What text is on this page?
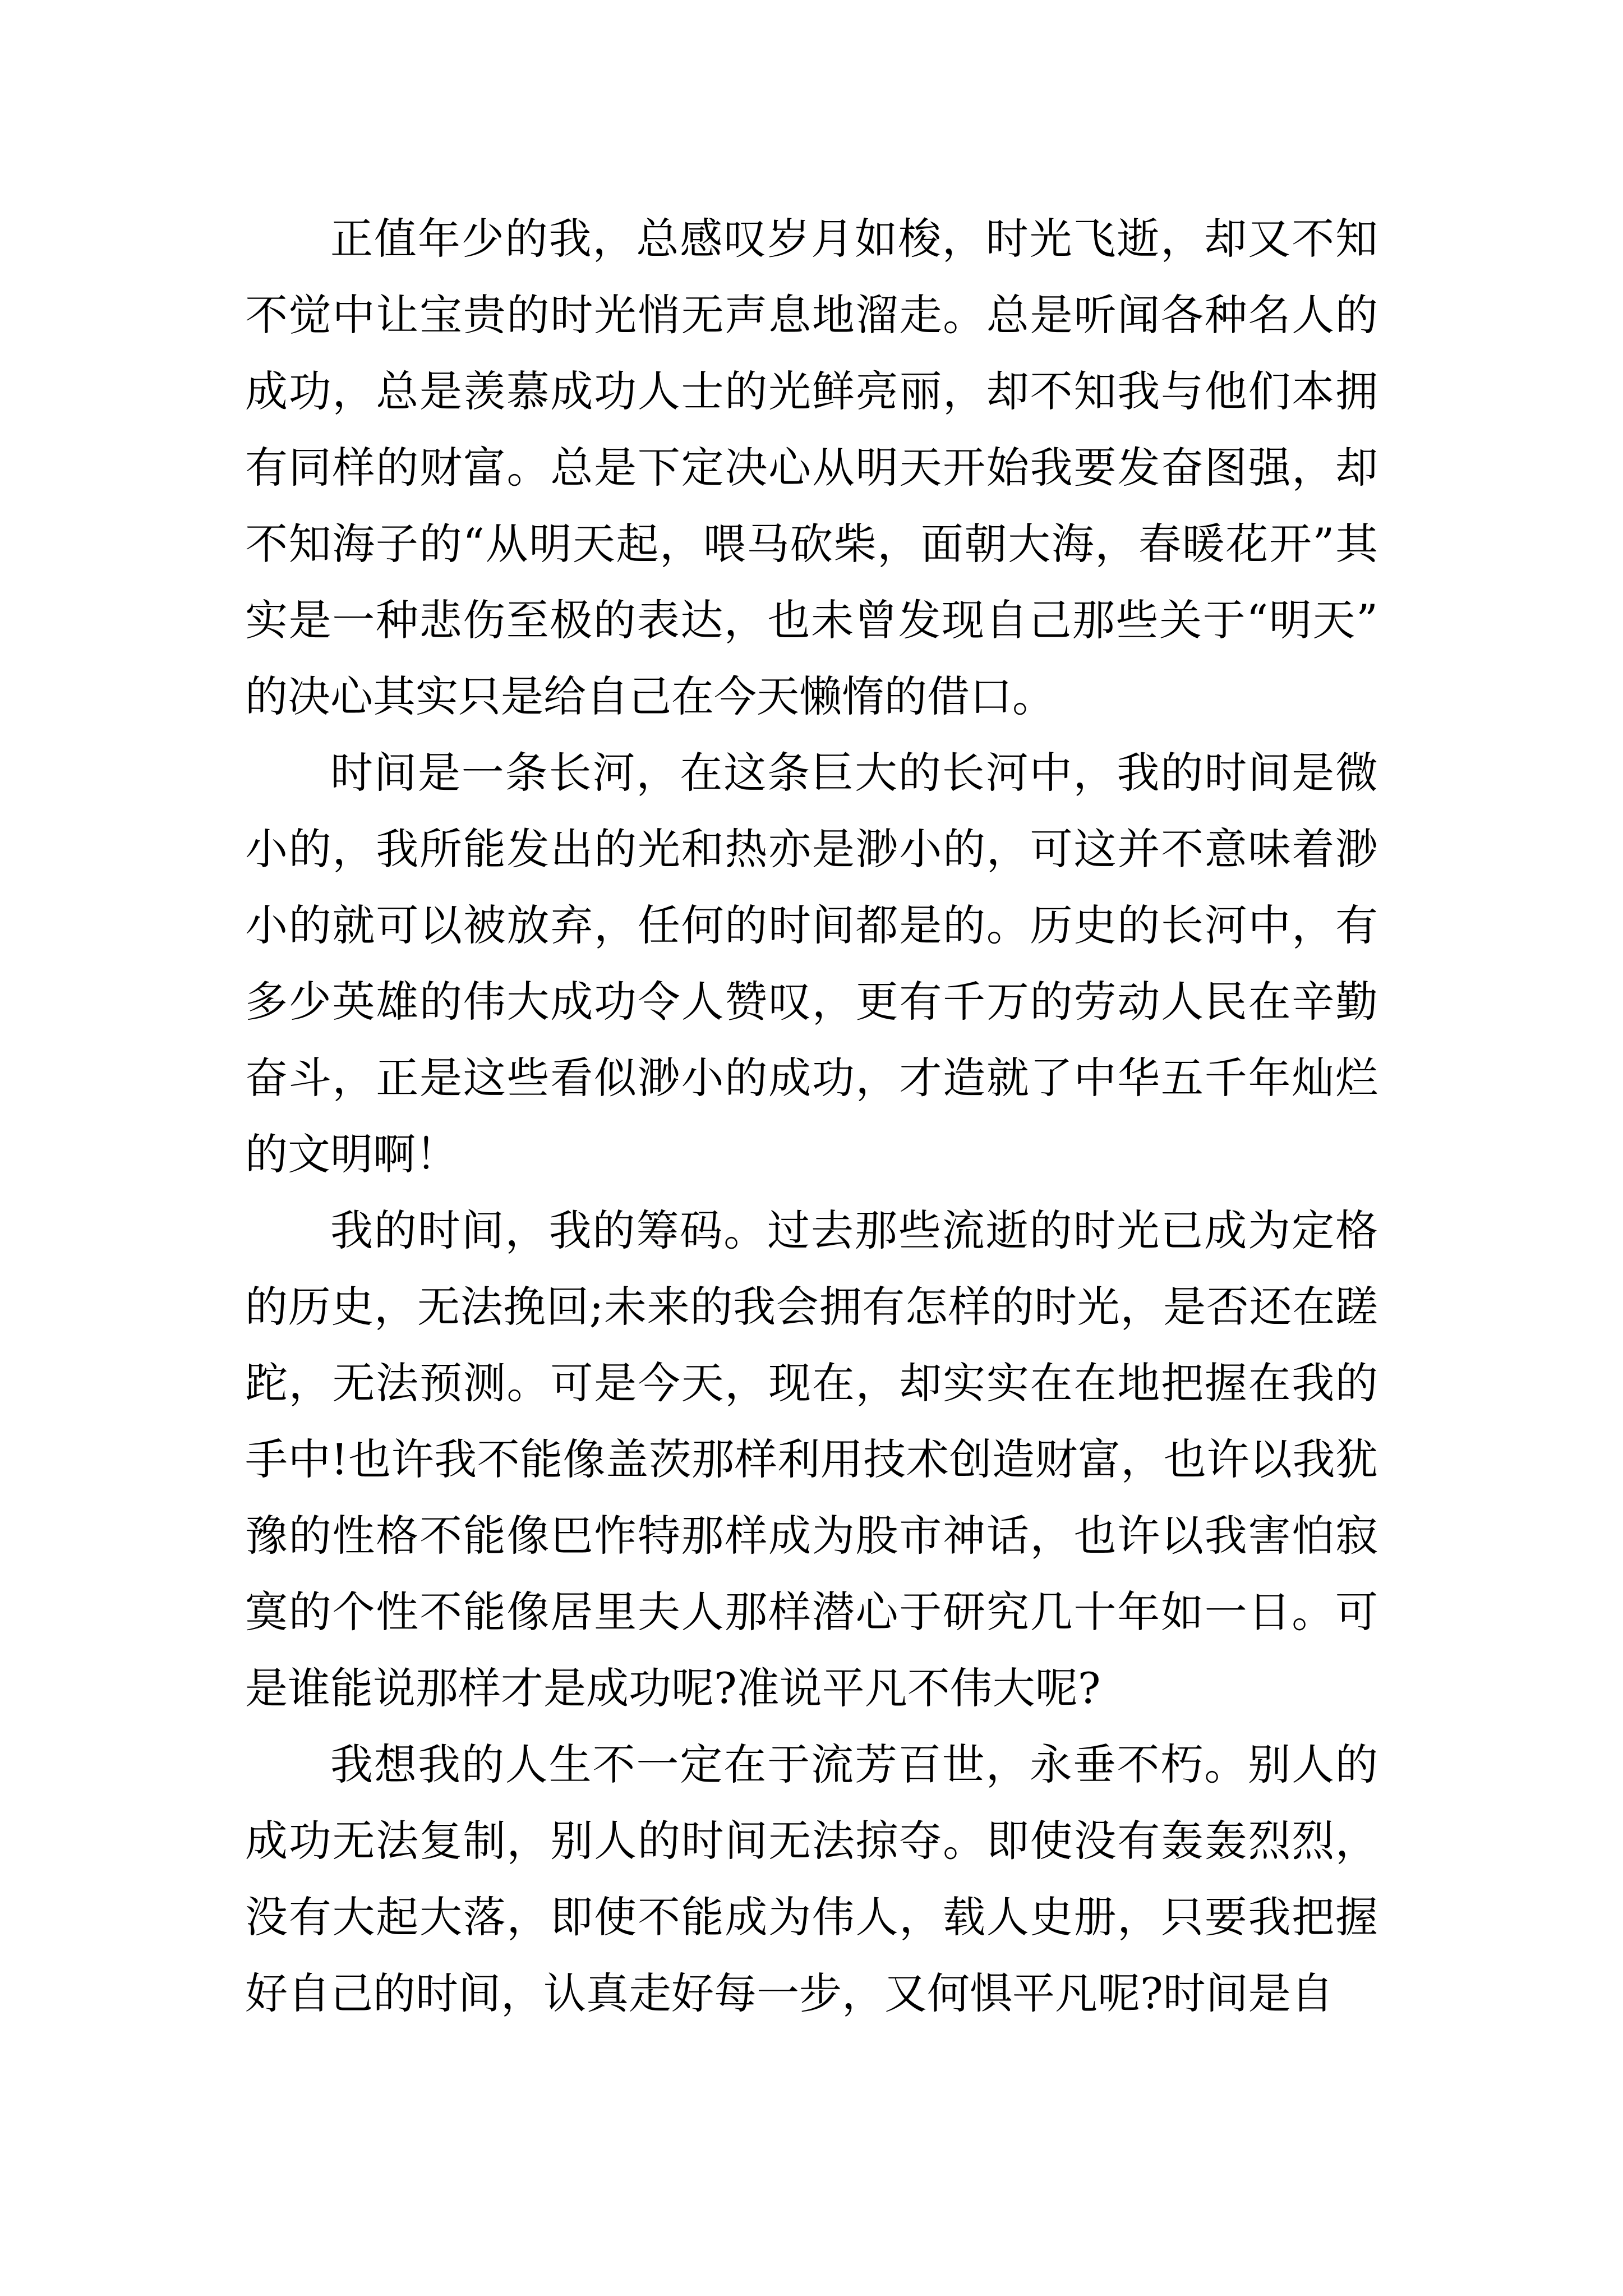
正值年少的我，总感叹岁月如梭，时光飞逝，却又不知不觉中让宝贵的时光悄无声息地溜走。总是听闻各种名人的成功，总是羡慕成功人士的光鲜亮丽，却不知我与他们本拥有同样的财富。总是下定决心从明天开始我要发奋图强，却不知海子的“从明天起，喂马砍柴，面朝大海，春暖花开”其实是一种悲伤至极的表达，也未曾发现自己那些关于“明天”的决心其实只是给自己在今天懒惰的借口。

时间是一条长河，在这条巨大的长河中，我的时间是微小的，我所能发出的光和热亦是渺小的，可这并不意味着渺小的就可以被放弃，任何的时间都是的。历史的长河中，有多少英雄的伟大成功令人赞叹，更有千万的劳动人民在辛勤奋斗，正是这些看似渺小的成功，才造就了中华五千年灿烂的文明啊！

我的时间，我的筹码。过去那些流逝的时光已成为定格的历史，无法挽回;未来的我会拥有怎样的时光，是否还在蹉跎，无法预测。可是今天，现在，却实实在在地把握在我的手中!也许我不能像盖茨那样利用技术创造财富，也许以我犹豫的性格不能像巴怍特那样成为股市神话，也许以我害怕寂寞的个性不能像居里夫人那样潜心于研究几十年如一日。可是谁能说那样才是成功呢?准说平凡不伟大呢?

我想我的人生不一定在于流芳百世，永垂不朽。别人的成功无法复制，别人的时间无法掠夺。即使没有轰轰烈烈，没有大起大落，即使不能成为伟人，载人史册，只要我把握好自己的时间，认真走好每一步，又何惧平凡呢?时间是自
